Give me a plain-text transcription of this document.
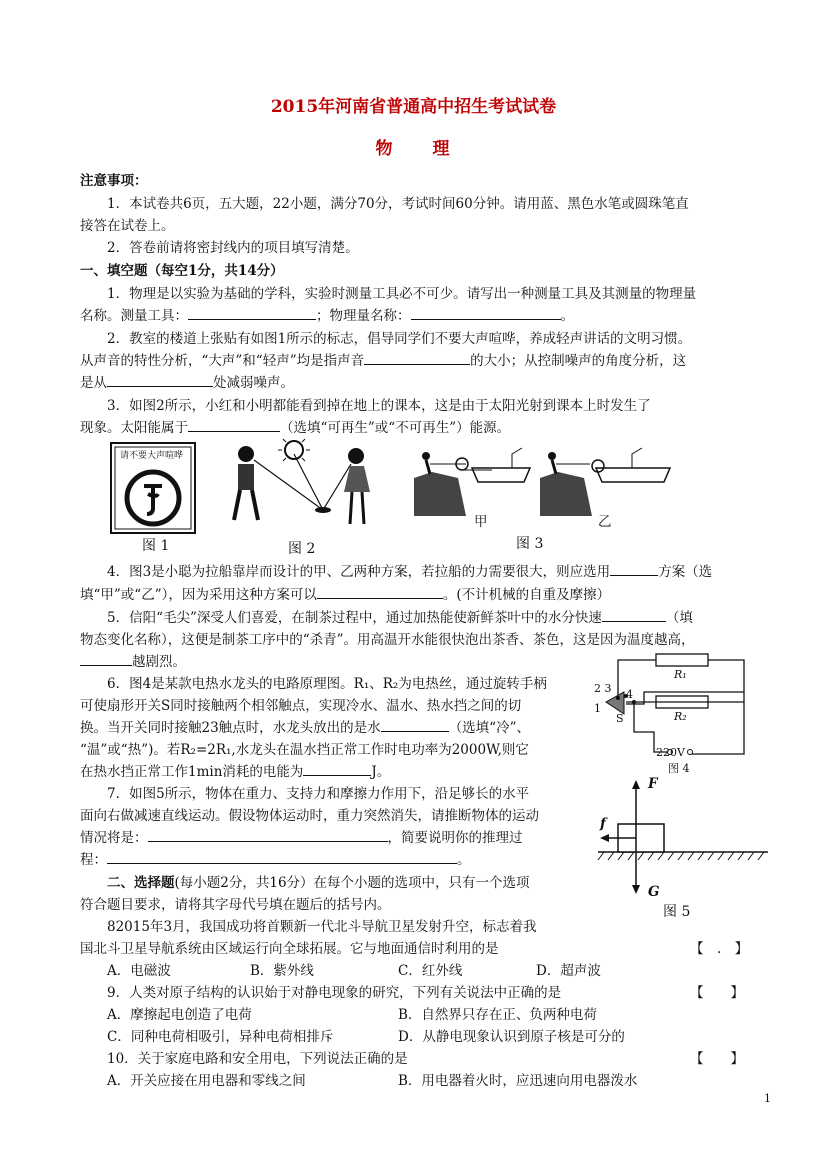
2015年河南省普通高中招生考试试卷
物　　理
注意事项：
1．本试卷共6页，五大题，22小题，满分70分，考试时间60分钟。请用蓝、黑色水笔或圆珠笔直
接答在试卷上。
2．答卷前请将密封线内的项目填写清楚。
一、填空题（每空1分，共14分）
1．物理是以实验为基础的学科，实验时测量工具必不可少。请写出一种测量工具及其测量的物理量
名称。测量工具：	；物理量名称：	。
2．教室的楼道上张贴有如图1所示的标志，倡导同学们不要大声喧哗，养成轻声讲话的文明习惯。
从声音的特性分析，“大声”和“轻声”均是指声音	的大小；从控制噪声的角度分析，这
是从	处减弱噪声。
3．如图2所示，小红和小明都能看到掉在地上的课本，这是由于太阳光射到课本上时发生了
现象。太阳能属于	（选填“可再生”或“不可再生”）能源。
请不要大声喧哗
图 1	图 2
甲	乙
图 3
4．图3是小聪为拉船靠岸而设计的甲、乙两种方案，若拉船的力需要很大，则应选用	方案（选
填“甲”或“乙”），因为采用这种方案可以	。(不计机械的自重及摩擦）
5．信阳“毛尖”深受人们喜爱，在制茶过程中，通过加热能使新鲜茶叶中的水分快速	（填
物态变化名称），这便是制茶工序中的“杀青”。用高温开水能很快泡出茶香、茶色，这是因为温度越高，
越剧烈。
6．图4是某款电热水龙头的电路原理图。R₁、R₂为电热丝，通过旋转手柄
可使扇形开关S同时接触两个相邻触点，实现冷水、温水、热水挡之间的切
换。当开关同时接触23触点时，水龙头放出的是水	（选填“冷”、
“温”或“热”)。若R₂=2R₁,水龙头在温水挡正常工作时电功率为2000W,则它
在热水挡正常工作1min消耗的电能为	J。
R₁
R₂
2 3 4
1
S
220V
图 4
7．如图5所示，物体在重力、支持力和摩擦力作用下，沿足够长的水平
面向右做减速直线运动。假设物体运动时，重力突然消失，请推断物体的运动
情况将是：	，简要说明你的推理过
程：	。
F
f
G
图 5
二、选择题(每小题2分，共16分）在每个小题的选项中，只有一个选项
符合题目要求，请将其字母代号填在题后的括号内。
82015年3月，我国成功将首颗新一代北斗导航卫星发射升空，标志着我
国北斗卫星导航系统由区域运行向全球拓展。它与地面通信时利用的是	【　.　】
A．电磁波	B．紫外线	C．红外线	D．超声波
9．人类对原子结构的认识始于对静电现象的研究，下列有关说法中正确的是	【　　】
A．摩擦起电创造了电荷	B．自然界只存在正、负两种电荷
C．同种电荷相吸引，异种电荷相排斥	D．从静电现象认识到原子核是可分的
10．关于家庭电路和安全用电，下列说法正确的是	【　　】
A．开关应接在用电器和零线之间	B．用电器着火时，应迅速向用电器泼水
1
